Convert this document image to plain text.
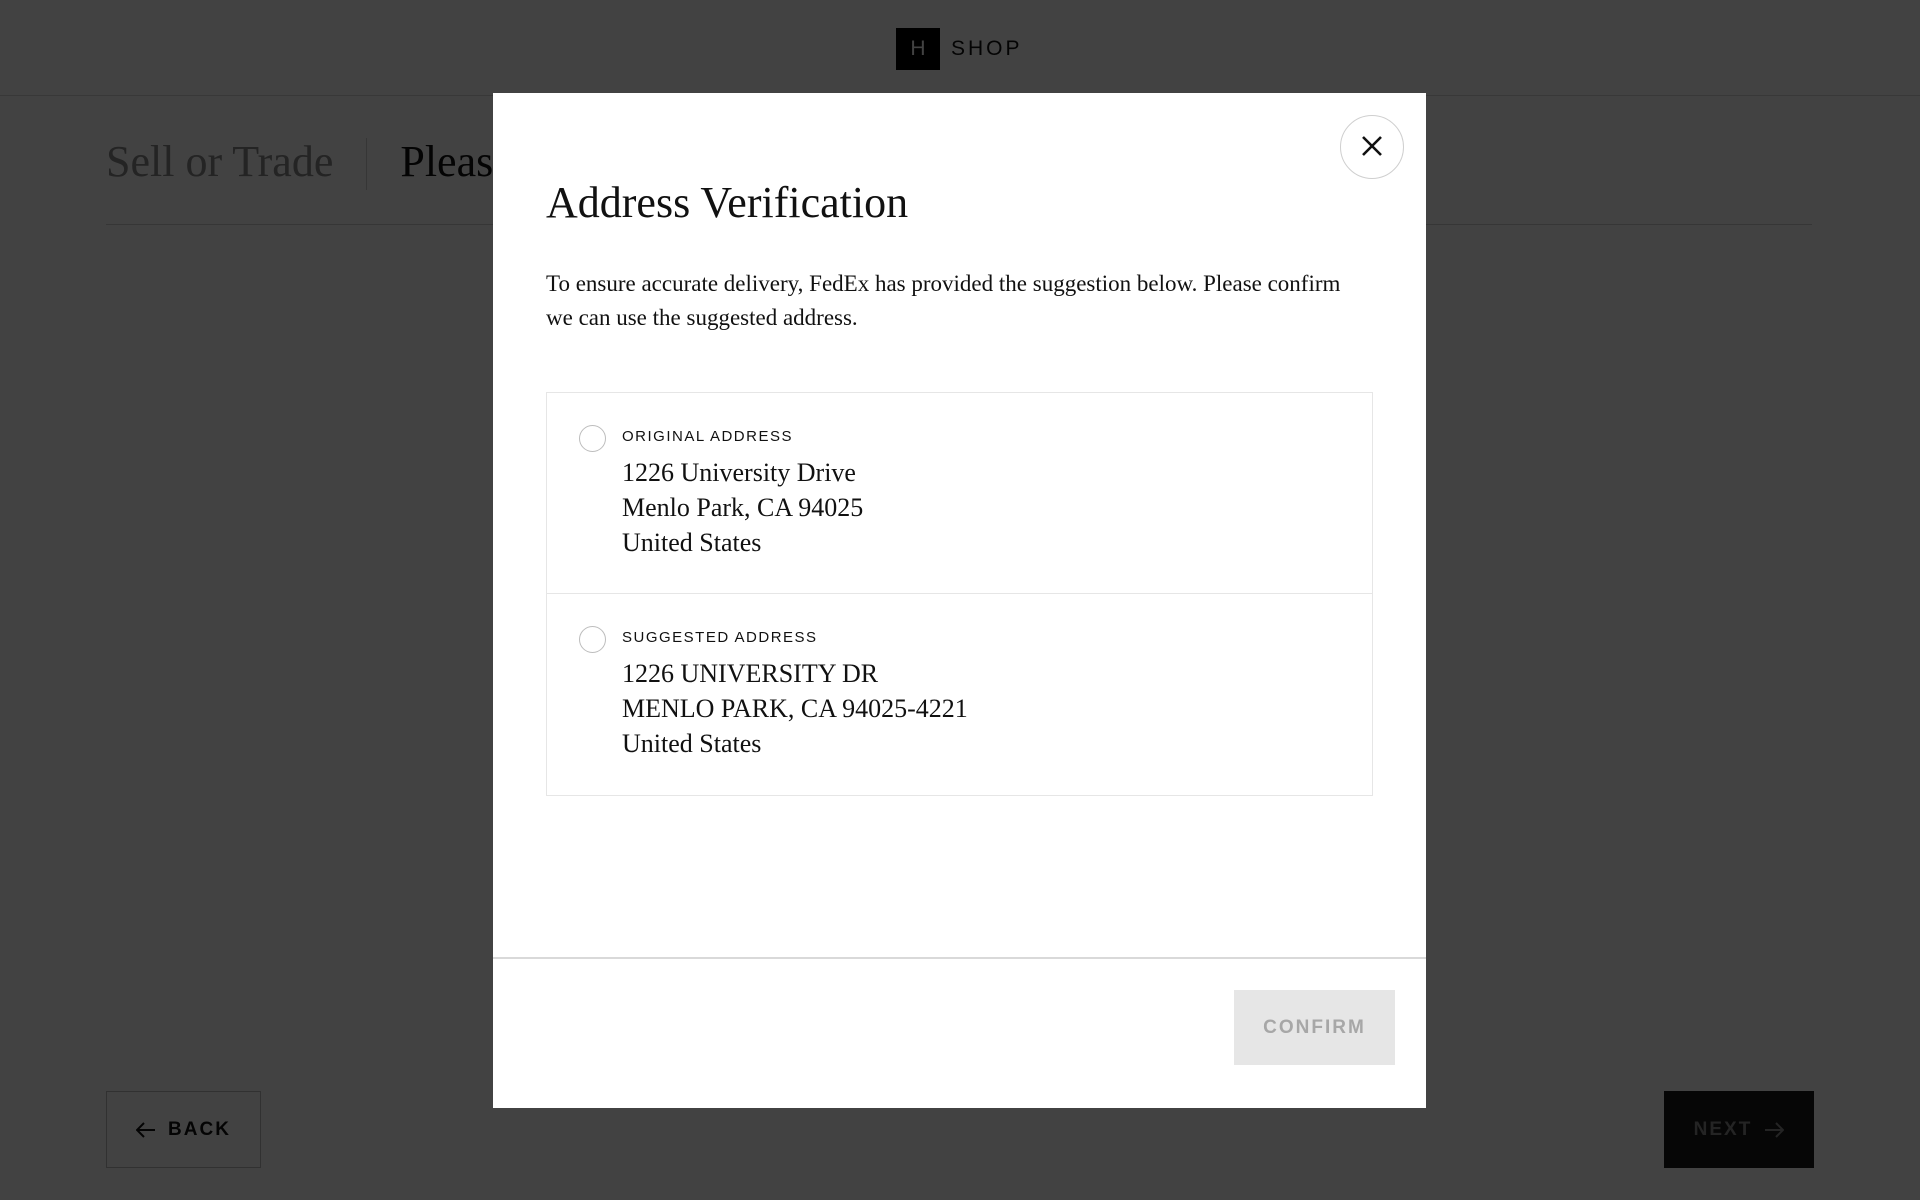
Address Verification
To ensure accurate delivery, FedEx has provided the suggestion below. Please confirm we can use the suggested address.
ORIGINAL ADDRESS
1226 University Drive
Menlo Park, CA 94025
United States
SUGGESTED ADDRESS
1226 UNIVERSITY DR
MENLO PARK, CA 94025-4221
United States
CONFIRM
